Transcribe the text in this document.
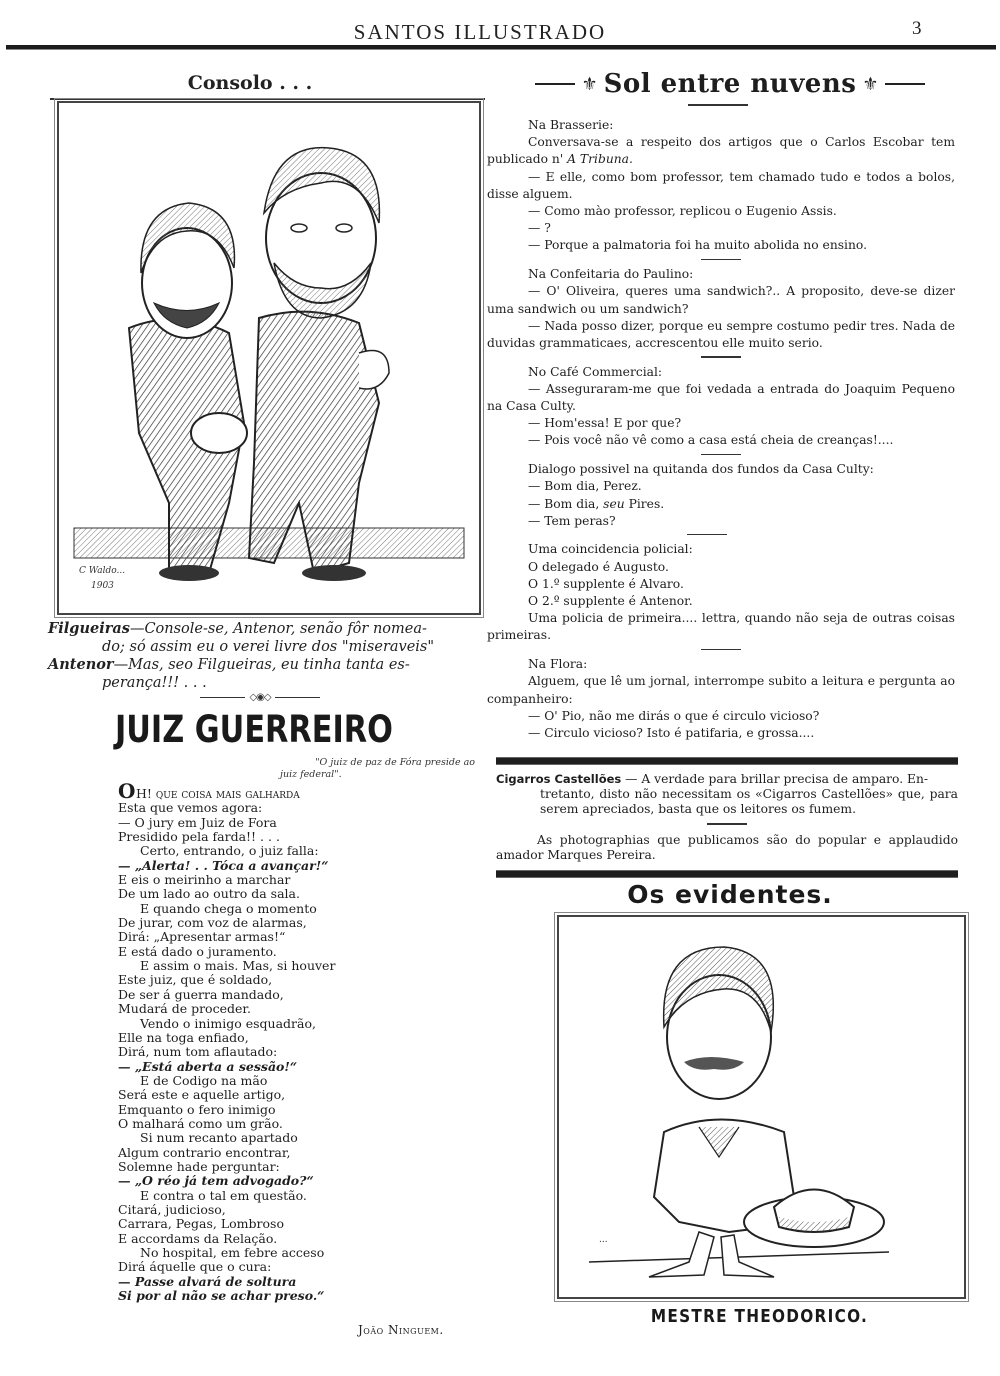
SANTOS ILLUSTRADO	3
Consolo . . .
C Waldo...
1903
Filgueiras—Console-se, Antenor, senão fôr nomea-
do; só assim eu o verei livre dos "miseraveis"
Antenor—Mas, seo Filgueiras, eu tinha tanta es-
perança!!! . . .
◇◉◇
JUIZ GUERREIRO
"O juiz de paz de Fóra preside ao
juiz federal".
OH! que coisa mais galharda
Esta que vemos agora:
— O jury em Juiz de Fora
Presidido pela farda!! . . .
Certo, entrando, o juiz falla:
— „Alerta! . . Tóca a avançar!“
E eis o meirinho a marchar
De um lado ao outro da sala.
E quando chega o momento
De jurar, com voz de alarmas,
Dirá: „Apresentar armas!“
E está dado o juramento.
E assim o mais. Mas, si houver
Este juiz, que é soldado,
De ser á guerra mandado,
Mudará de proceder.
Vendo o inimigo esquadrão,
Elle na toga enfiado,
Dirá, num tom aflautado:
— „Está aberta a sessão!“
E de Codigo na mão
Será este e aquelle artigo,
Emquanto o fero inimigo
O malhará como um grão.
Si num recanto apartado
Algum contrario encontrar,
Solemne hade perguntar:
— „O réo já tem advogado?“
E contra o tal em questão.
Citará, judicioso,
Carrara, Pegas, Lombroso
E accordams da Relação.
No hospital, em febre acceso
Dirá áquelle que o cura:
— Passe alvará de soltura
Si por al não se achar preso.“
João Ninguem.
⚜ Sol entre nuvens ⚜

Na Brasserie:

Conversava-se a respeito dos artigos que o Carlos Escobar tem publicado n' A Tribuna.

— E elle, como bom professor, tem chamado tudo e todos a bolos, disse alguem.

— Como mào professor, replicou o Eugenio Assis.

— ?

— Porque a palmatoria foi ha muito abolida no ensino.

Na Confeitaria do Paulino:

— O' Oliveira, queres uma sandwich?.. A proposito, deve-se dizer uma sandwich ou um sandwich?

— Nada posso dizer, porque eu sempre costumo pedir tres. Nada de duvidas grammaticaes, accrescentou elle muito serio.

No Café Commercial:

— Asseguraram-me que foi vedada a entrada do Joaquim Pequeno na Casa Culty.

— Hom'essa! E por que?

— Pois você não vê como a casa está cheia de creanças!....

Dialogo possivel na quitanda dos fundos da Casa Culty:

— Bom dia, Perez.

— Bom dia, seu Pires.

— Tem peras?

Uma coincidencia policial:

O delegado é Augusto.

O 1.º supplente é Alvaro.

O 2.º supplente é Antenor.

Uma policia de primeira.... lettra, quando não seja de outras coisas primeiras.

Na Flora:

Alguem, que lê um jornal, interrompe subito a leitura e pergunta ao companheiro:

— O' Pio, não me dirás o que é circulo vicioso?

— Circulo vicioso? Isto é patifaria, e grossa....

Cigarros Castellões — A verdade para brillar precisa de amparo. En-
tretanto, disto não necessitam os «Cigarros Castellões» que, para serem apreciados, basta que os leitores os fumem.
As photographias que publicamos são do popular e applaudido amador Marques Pereira.
Os evidentes.
...
MESTRE THEODORICO.
